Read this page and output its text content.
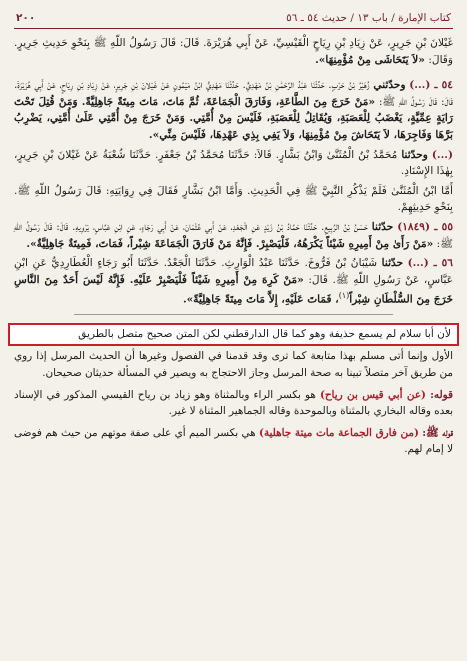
كتاب الإمارة / باب ١٣ / حديث ٥٤ ـ ٥٦
٢٠٠

غَيْلانَ بْنِ جَرِيرٍ، عَنْ زِيَادِ بْنِ رِيَاحٍ الْقَيْسِيِّ، عَنْ أَبِي هُرَيْرَةَ. قَالَ: قَالَ رَسُولُ اللّهِ ﷺ بِنَحْوِ حَدِيثِ جَرِيرٍ. وَقَالَ: «لاَ يَتَحَاشَى مِنْ مُؤْمِنِهَا».

٥٤ ـ (...) وحدّثني زُهَيْرُ بْنُ حَرْبٍ. حَدَّثَنَا عَبْدُ الرَّحْمَٰنِ بْنُ مَهْدِيٍّ. حَدَّثَنَا مَهْدِيُّ ابْنُ مَيْمُونٍ عَنْ غَيْلانَ بْنِ جَرِيرٍ، عَنْ زِيَادِ بْنِ رِيَاحٍ، عَنْ أَبِي هُرَيْرَةَ. قَالَ: قَالَ رَسُولُ اللّهِ ﷺ: «مَنْ خَرَجَ مِنَ الطَّاعَةِ، وَفَارَقَ الْجَمَاعَةَ، ثُمَّ مَاتَ، مَاتَ مِيتَةً جَاهِلِيَّةً. وَمَنْ قُتِلَ تَحْتَ رَايَةٍ عِمِّيَّةٍ، يَغْضَبُ لِلْعَصَبَةِ، وَيُقَاتِلُ لِلْعَصَبَةِ، فَلَيْسَ مِنْ أُمَّتِي. وَمَنْ خَرَجَ مِنْ أُمَّتِي عَلَىٰ أُمَّتِي، يَضْرِبُ بَرَّهَا وَفَاجِرَهَا، لاَ يَتَحَاشَ مِنْ مُؤْمِنِهَا، وَلاَ يَفِي بِذِي عَهْدِهَا، فَلَيْسَ مِنِّي».

(...) وحدّثنا مُحَمَّدُ بْنُ الْمُثَنَّىٰ وَابْنُ بَشَّارٍ. قَالاَ: حَدَّثَنَا مُحَمَّدُ بْنُ جَعْفَرٍ. حَدَّثَنَا شُعْبَةُ عَنْ غَيْلانَ بْنِ جَرِيرٍ، بِهٰذَا الإِسْنَادِ.

أَمَّا ابْنُ الْمُثَنَّىٰ فَلَمْ يَذْكُرِ النَّبِيَّ ﷺ فِي الْحَدِيثِ. وَأَمَّا ابْنُ بَشَّارٍ فَقَالَ فِي رِوَايَتِهِ: قَالَ رَسُولُ اللّهِ ﷺ. بِنَحْوِ حَدِيثِهِمْ.

٥٥ ـ (١٨٤٩) حدّثنا حَسَنُ بْنُ الرَّبِيعِ. حَدَّثَنَا حَمَّادُ بْنُ زَيْدٍ عَنِ الْجَعْدِ، عَنْ أَبِي عُثْمَانَ، عَنْ أَبِي رَجَاءٍ، عَنِ ابْنِ عَبَّاسٍ، يَرْوِيهِ. قَالَ: قَالَ رَسُولُ اللّهِ ﷺ: «مَنْ رَأَىٰ مِنْ أَمِيرِهِ شَيْئاً يَكْرَهُهُ، فَلْيَصْبِرْ. فَإِنَّهُ مَنْ فَارَقَ الْجَمَاعَةَ شِبْراً، فَمَاتَ، فَمِيتَةٌ جَاهِلِيَّةٌ».

٥٦ ـ (...) حدّثنا شَيْبَانُ بْنُ فَرُّوخَ. حَدَّثَنَا عَبْدُ الْوَارِثِ. حَدَّثَنَا الْجَعْدُ. حَدَّثَنَا أَبُو رَجَاءٍ الْعُطَارِدِيُّ عَنِ ابْنِ عَبَّاسٍ، عَنْ رَسُولِ اللّهِ ﷺ. قَالَ: «مَنْ كَرِهَ مِنْ أَمِيرِهِ شَيْئاً فَلْيَصْبِرْ عَلَيْهِ. فَإِنَّهُ لَيْسَ أَحَدٌ مِنَ النَّاسِ خَرَجَ مِنَ السُّلْطَانِ شِبْراً$^{(١)}$، فَمَاتَ عَلَيْهِ، إِلاَّ مَاتَ مِيتَةً جَاهِلِيَّةً».

لأن أبا سلام لم يسمع حذيفة وهو كما قال الدارقطني لكن المتن صحيح متصل بالطريق

الأول وإنما أتى مسلم بهذا متابعة كما ترى وقد قدمنا في الفصول وغيرها أن الحديث المرسل إذا روي من طريق آخر متصلاً تبينا به صحة المرسل وجاز الاحتجاج به ويصير في المسألة حديثان صحيحان.

قوله: (عن أبي قيس بن رياح) هو بكسر الراء وبالمثناة وهو زياد بن رياح القيسي المذكور في الإسناد بعده وقاله البخاري بالمثناة وبالموحدة وقاله الجماهير المثناة لا غير.

قوله ﷺ: (من فارق الجماعة مات ميتة جاهلية) هي بكسر الميم أي على صفة موتهم من حيث هم فوضى لا إمام لهم.
